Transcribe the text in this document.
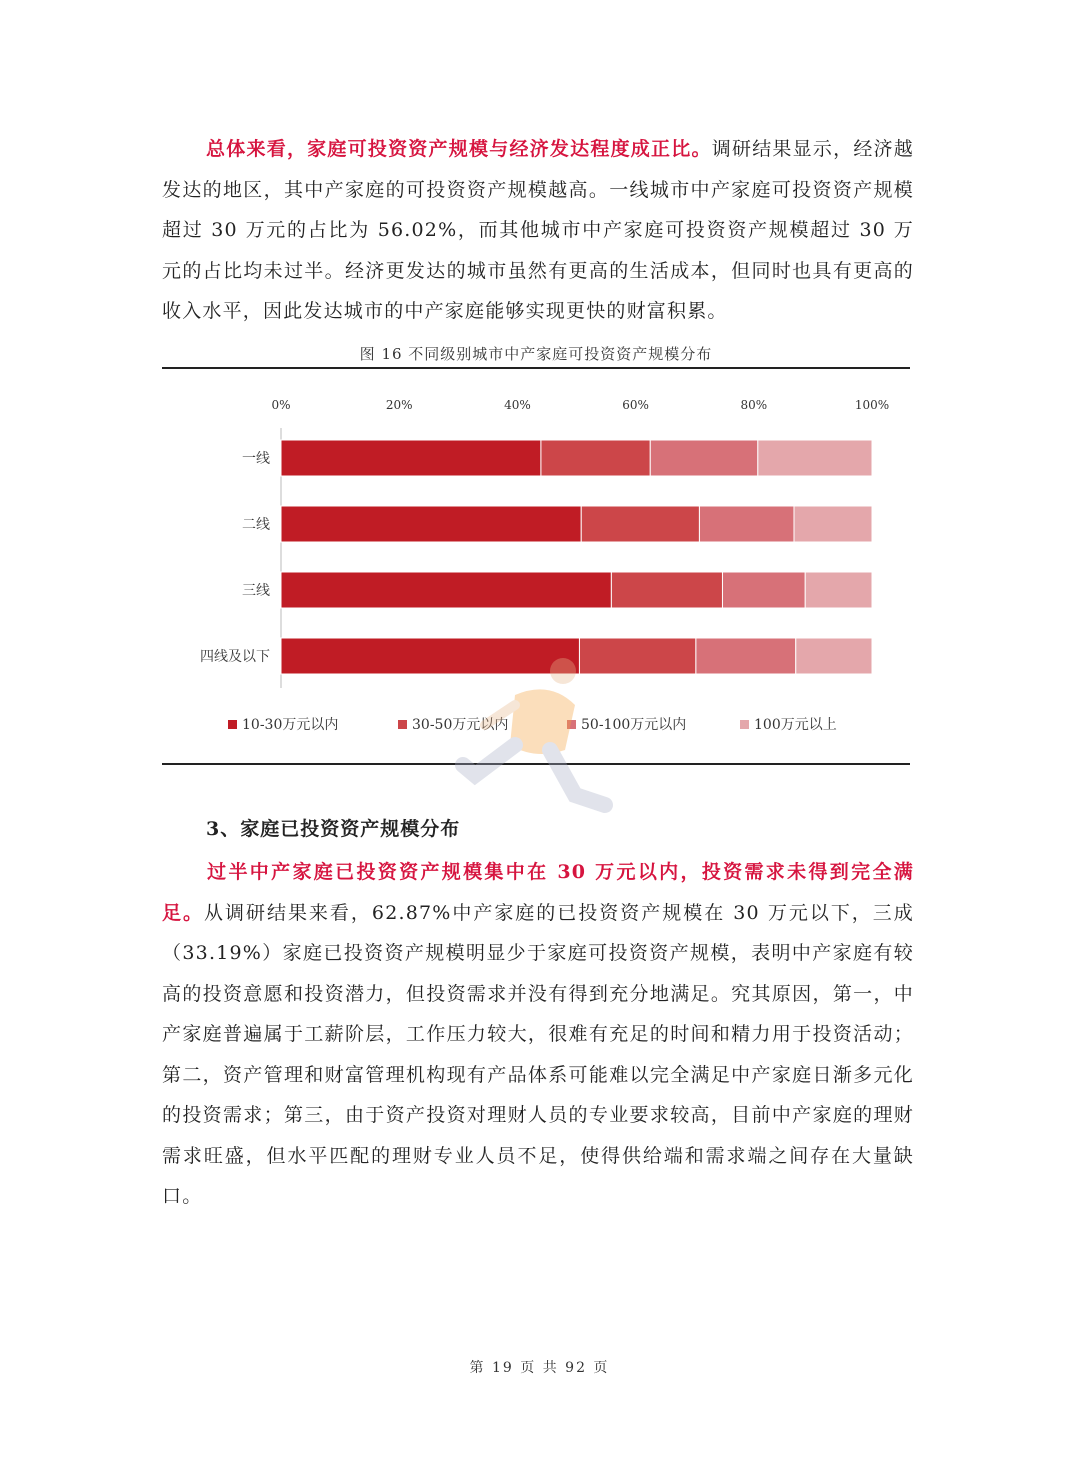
总体来看，家庭可投资资产规模与经济发达程度成正比。调研结果显示，经济越发达的地区，其中产家庭的可投资资产规模越高。一线城市中产家庭可投资资产规模超过 30 万元的占比为 56.02%，而其他城市中产家庭可投资资产规模超过 30 万元的占比均未过半。经济更发达的城市虽然有更高的生活成本，但同时也具有更高的收入水平，因此发达城市的中产家庭能够实现更快的财富积累。

图 16 不同级别城市中产家庭可投资资产规模分布
0%	20%	40%	60%	80%	100%
一线
二线
三线
四线及以下
10-30万元以内	30-50万元以内	50-100万元以内	100万元以上
3、家庭已投资资产规模分布

过半中产家庭已投资资产规模集中在 30 万元以内，投资需求未得到完全满足。从调研结果来看，62.87%中产家庭的已投资资产规模在 30 万元以下，三成（33.19%）家庭已投资资产规模明显少于家庭可投资资产规模，表明中产家庭有较高的投资意愿和投资潜力，但投资需求并没有得到充分地满足。究其原因，第一，中产家庭普遍属于工薪阶层，工作压力较大，很难有充足的时间和精力用于投资活动；第二，资产管理和财富管理机构现有产品体系可能难以完全满足中产家庭日渐多元化的投资需求；第三，由于资产投资对理财人员的专业要求较高，目前中产家庭的理财需求旺盛，但水平匹配的理财专业人员不足，使得供给端和需求端之间存在大量缺口。

第 19 页 共 92 页
